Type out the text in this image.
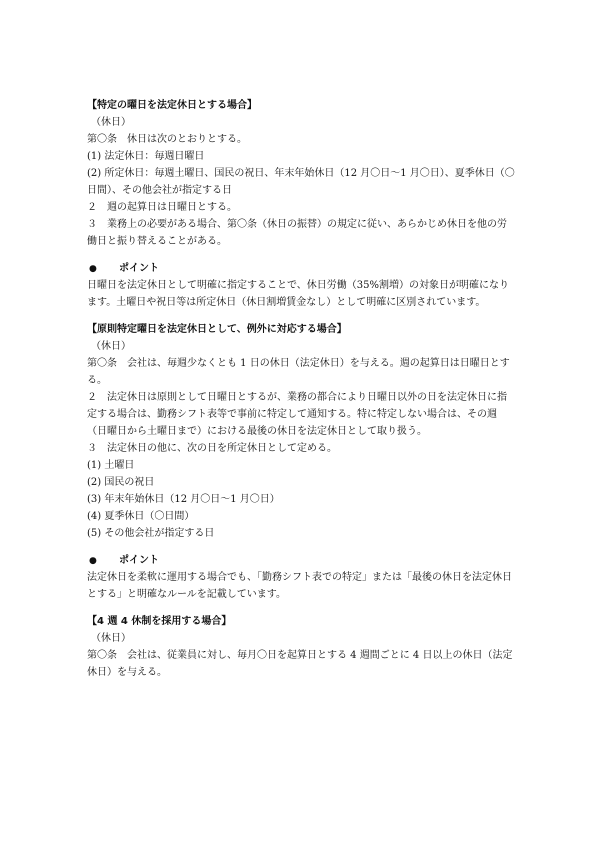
【特定の曜日を法定休日とする場合】
（休日）
第〇条　休日は次のとおりとする。
(1) 法定休日：毎週日曜日
(2) 所定休日：毎週土曜日、国民の祝日、年末年始休日（12 月〇日～1 月〇日）、夏季休日（〇
日間）、その他会社が指定する日
２　週の起算日は日曜日とする。
３　業務上の必要がある場合、第〇条（休日の振替）の規定に従い、あらかじめ休日を他の労
働日と振り替えることがある。
● ポイント
日曜日を法定休日として明確に指定することで、休日労働（35%割増）の対象日が明確になり
ます。土曜日や祝日等は所定休日（休日割増賃金なし）として明確に区別されています。
【原則特定曜日を法定休日として、例外に対応する場合】
（休日）
第〇条　会社は、毎週少なくとも 1 日の休日（法定休日）を与える。週の起算日は日曜日とす
る。
２　法定休日は原則として日曜日とするが、業務の都合により日曜日以外の日を法定休日に指
定する場合は、勤務シフト表等で事前に特定して通知する。特に特定しない場合は、その週
（日曜日から土曜日まで）における最後の休日を法定休日として取り扱う。
３　法定休日の他に、次の日を所定休日として定める。
(1) 土曜日
(2) 国民の祝日
(3) 年末年始休日（12 月〇日～1 月〇日）
(4) 夏季休日（〇日間）
(5) その他会社が指定する日
● ポイント
法定休日を柔軟に運用する場合でも、「勤務シフト表での特定」または「最後の休日を法定休日
とする」と明確なルールを記載しています。
【4 週 4 休制を採用する場合】
（休日）
第〇条　会社は、従業員に対し、毎月〇日を起算日とする 4 週間ごとに 4 日以上の休日（法定
休日）を与える。
